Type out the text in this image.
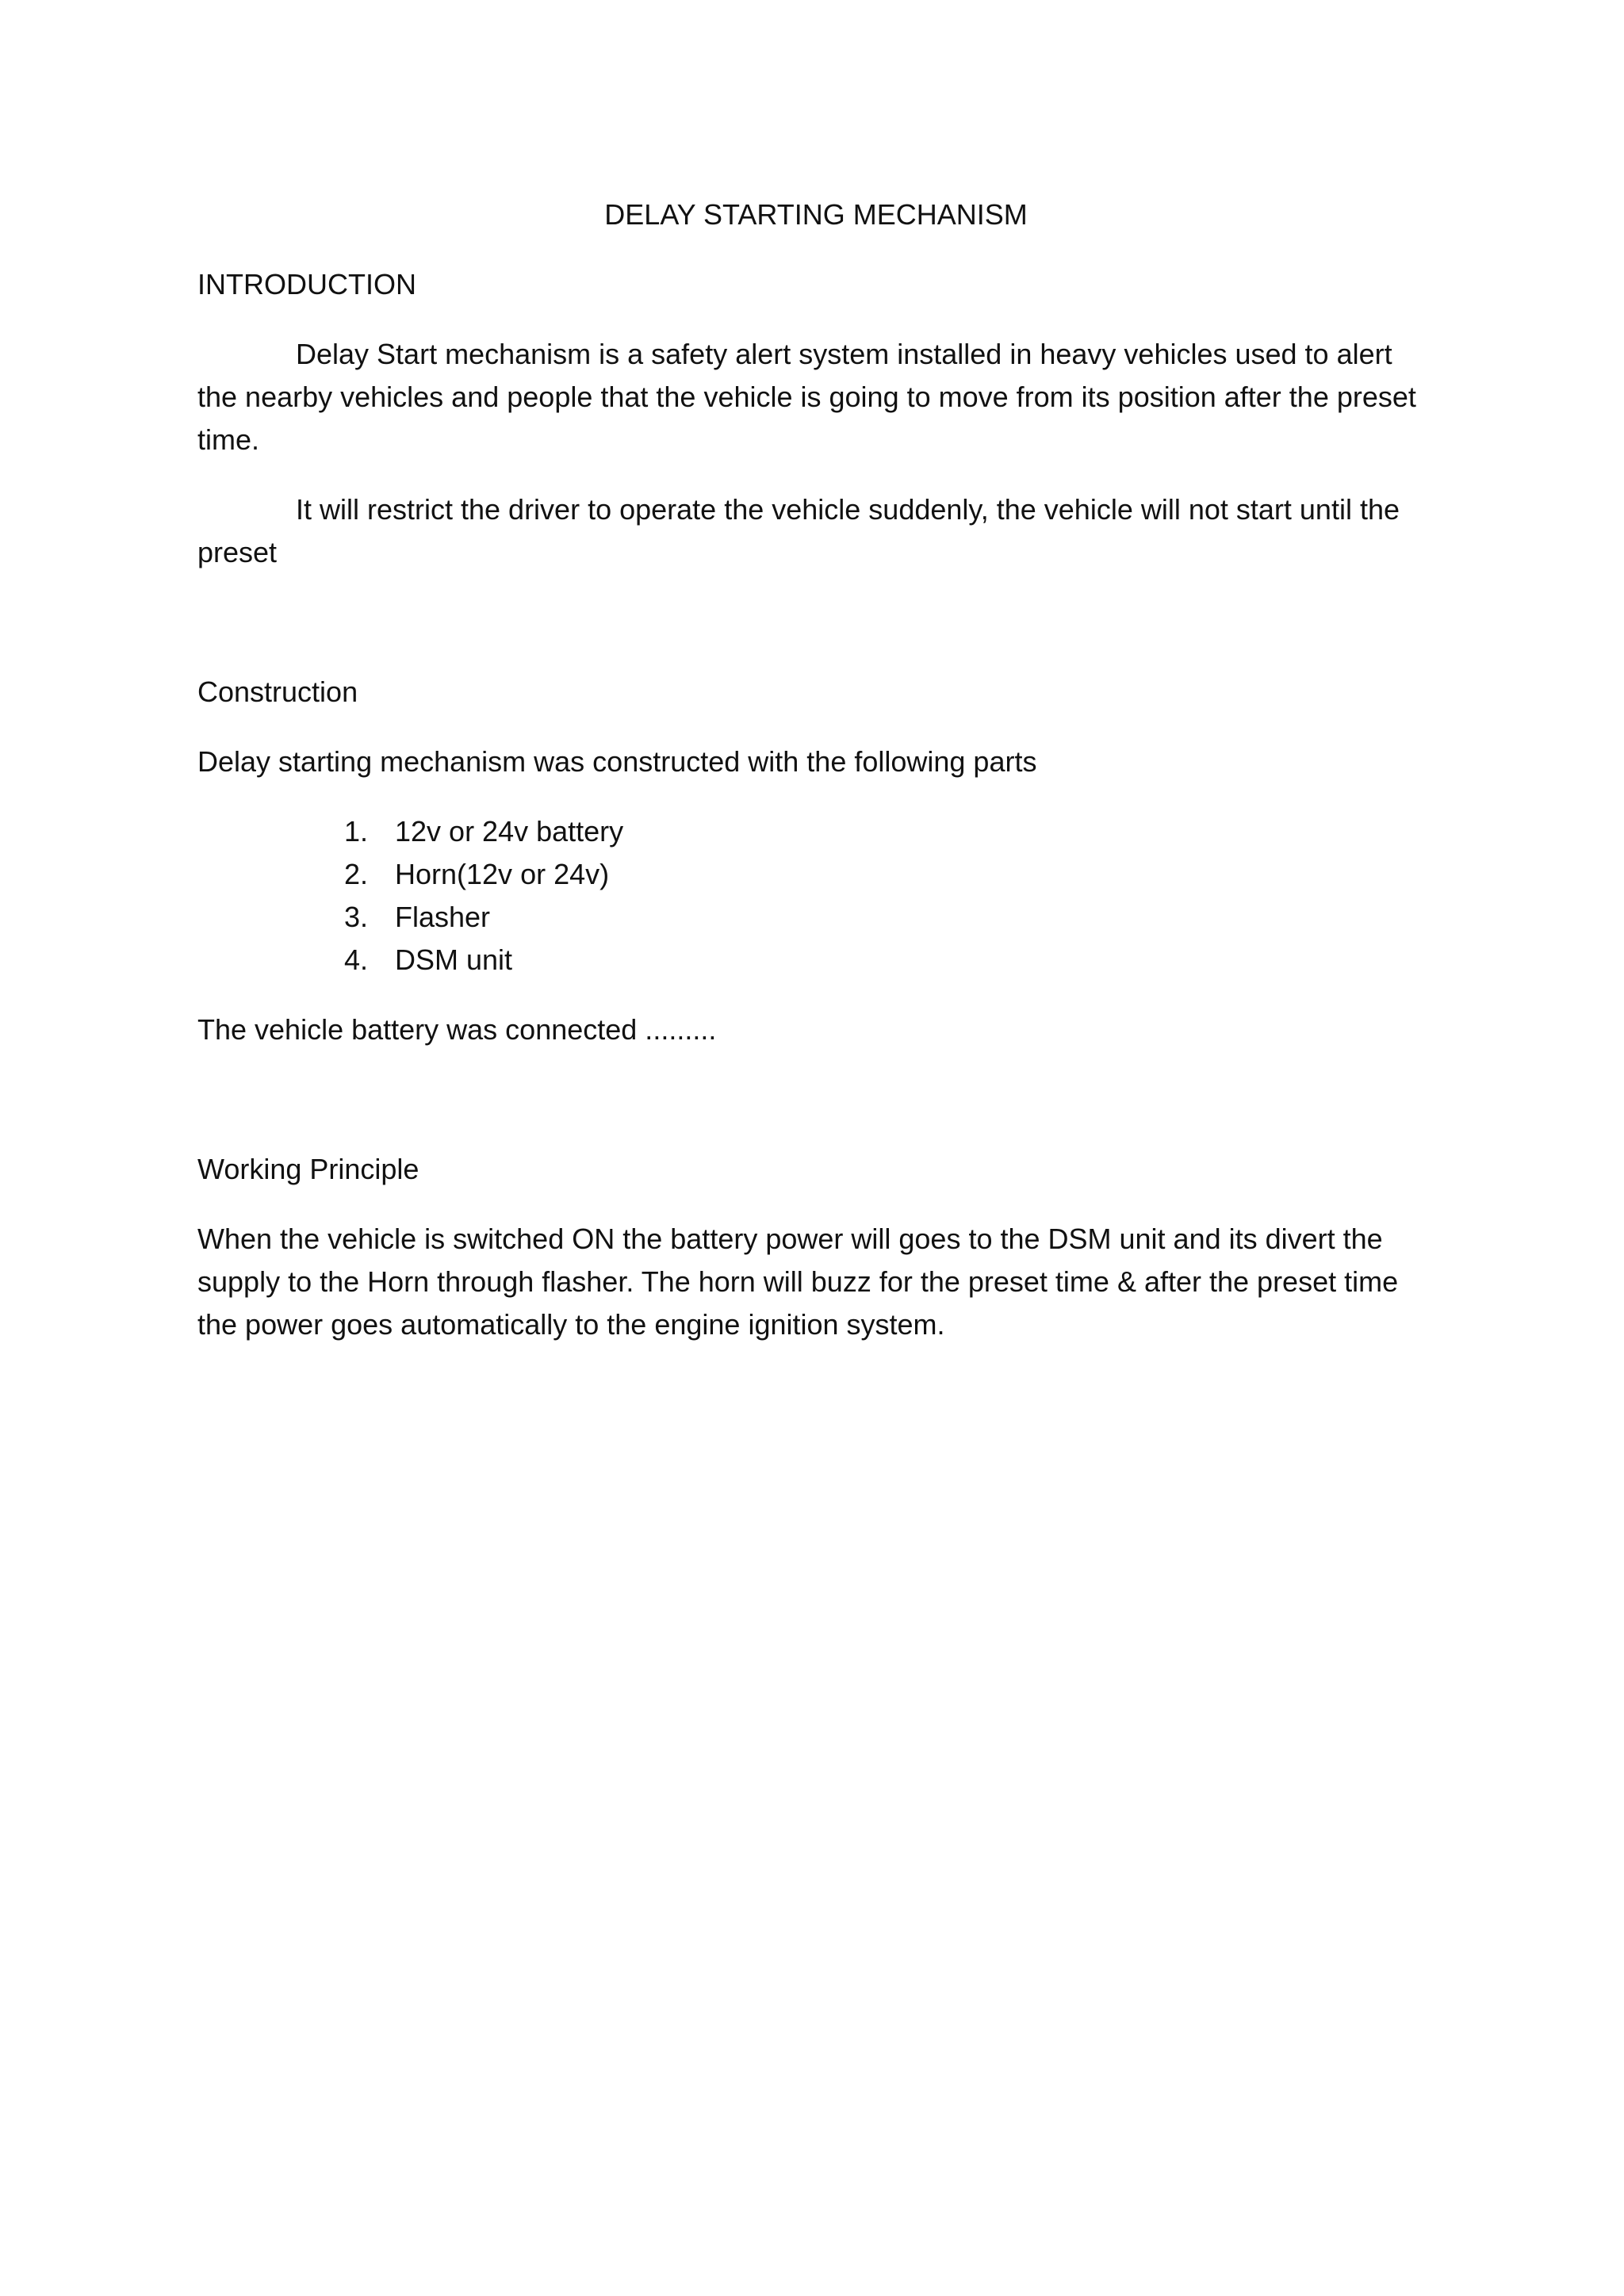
DELAY STARTING MECHANISM
INTRODUCTION

Delay Start mechanism is a safety alert system installed in heavy vehicles used to alert the nearby vehicles and people that the vehicle is going to move from its position after the preset time.

It will restrict the driver to operate the vehicle suddenly, the vehicle will not start until the preset

Construction

Delay starting mechanism was constructed with the following parts

1. 12v or 24v battery
2. Horn(12v or 24v)
3. Flasher
4. DSM unit

The vehicle battery was connected .........

Working Principle

When the vehicle is switched ON the battery power will goes to the DSM unit and its divert the supply to the Horn through flasher. The horn will buzz for the preset time & after the preset time the power goes automatically to the engine ignition system.
